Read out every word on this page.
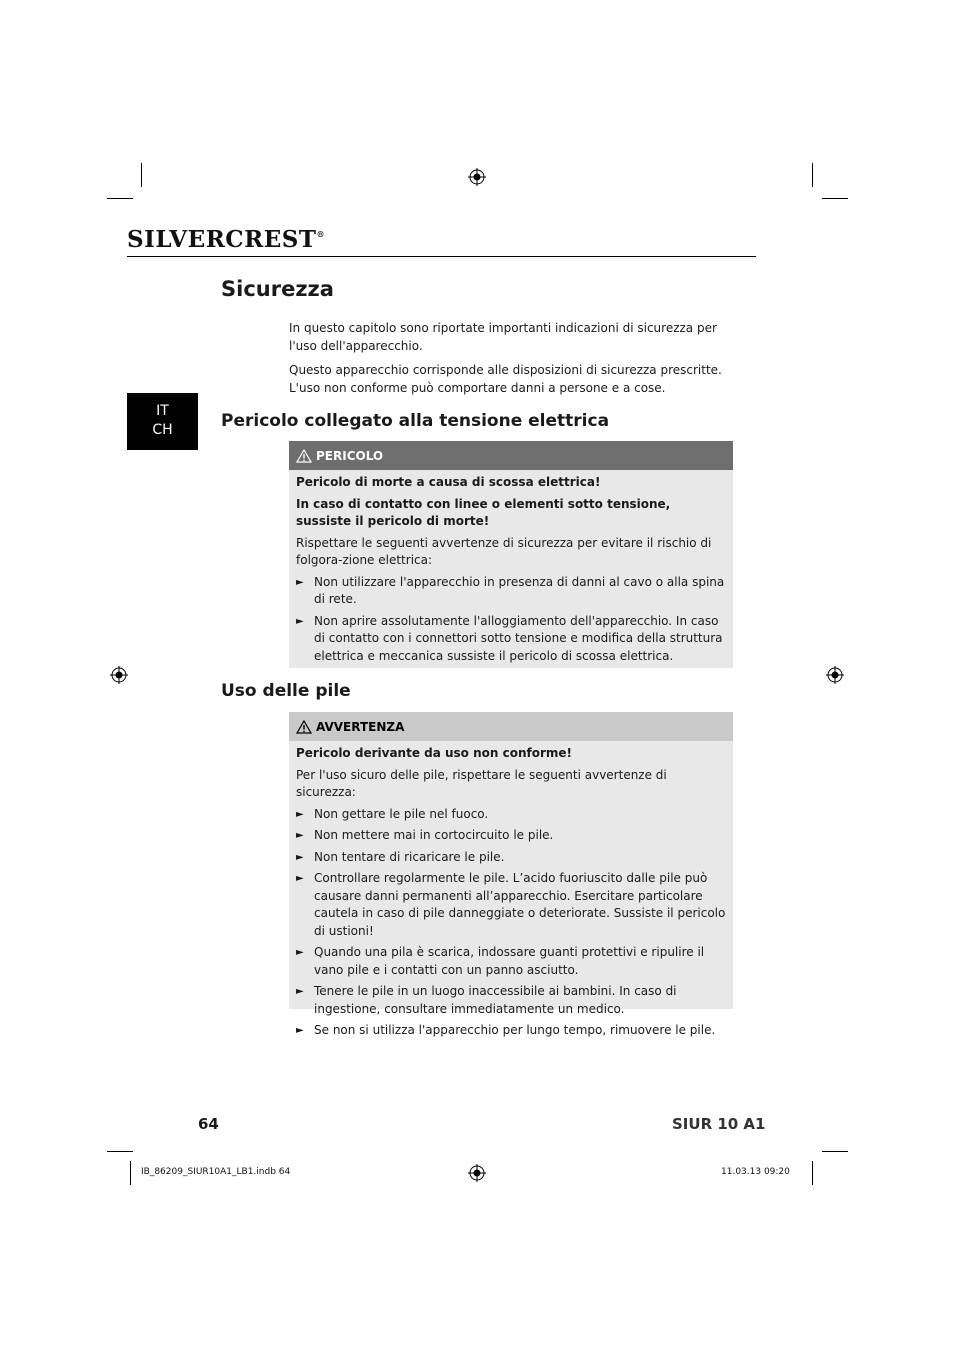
SILVERCREST®
Sicurezza
In questo capitolo sono riportate importanti indicazioni di sicurezza per l'uso dell'apparecchio.
Questo apparecchio corrisponde alle disposizioni di sicurezza prescritte. L'uso non conforme può comportare danni a persone e a cose.
IT
CH	Pericolo collegato alla tensione elettrica
PERICOLO
Pericolo di morte a causa di scossa elettrica!
In caso di contatto con linee o elementi sotto tensione, sussiste il pericolo di morte!
Rispettare le seguenti avvertenze di sicurezza per evitare il rischio di folgora-zione elettrica:
► Non utilizzare l'apparecchio in presenza di danni al cavo o alla spina di rete.
► Non aprire assolutamente l'alloggiamento dell'apparecchio. In caso di contatto con i connettori sotto tensione e modifica della struttura elettrica e meccanica sussiste il pericolo di scossa elettrica.
Uso delle pile
AVVERTENZA
Pericolo derivante da uso non conforme!
Per l'uso sicuro delle pile, rispettare le seguenti avvertenze di sicurezza:
► Non gettare le pile nel fuoco.
► Non mettere mai in cortocircuito le pile.
► Non tentare di ricaricare le pile.
► Controllare regolarmente le pile. L’acido fuoriuscito dalle pile può causare danni permanenti all’apparecchio. Esercitare particolare cautela in caso di pile danneggiate o deteriorate. Sussiste il pericolo di ustioni!
► Quando una pila è scarica, indossare guanti protettivi e ripulire il vano pile e i contatti con un panno asciutto.
► Tenere le pile in un luogo inaccessibile ai bambini. In caso di ingestione, consultare immediatamente un medico.
► Se non si utilizza l'apparecchio per lungo tempo, rimuovere le pile.
64	SIUR 10 A1
IB_86209_SIUR10A1_LB1.indb 64	11.03.13 09:20
